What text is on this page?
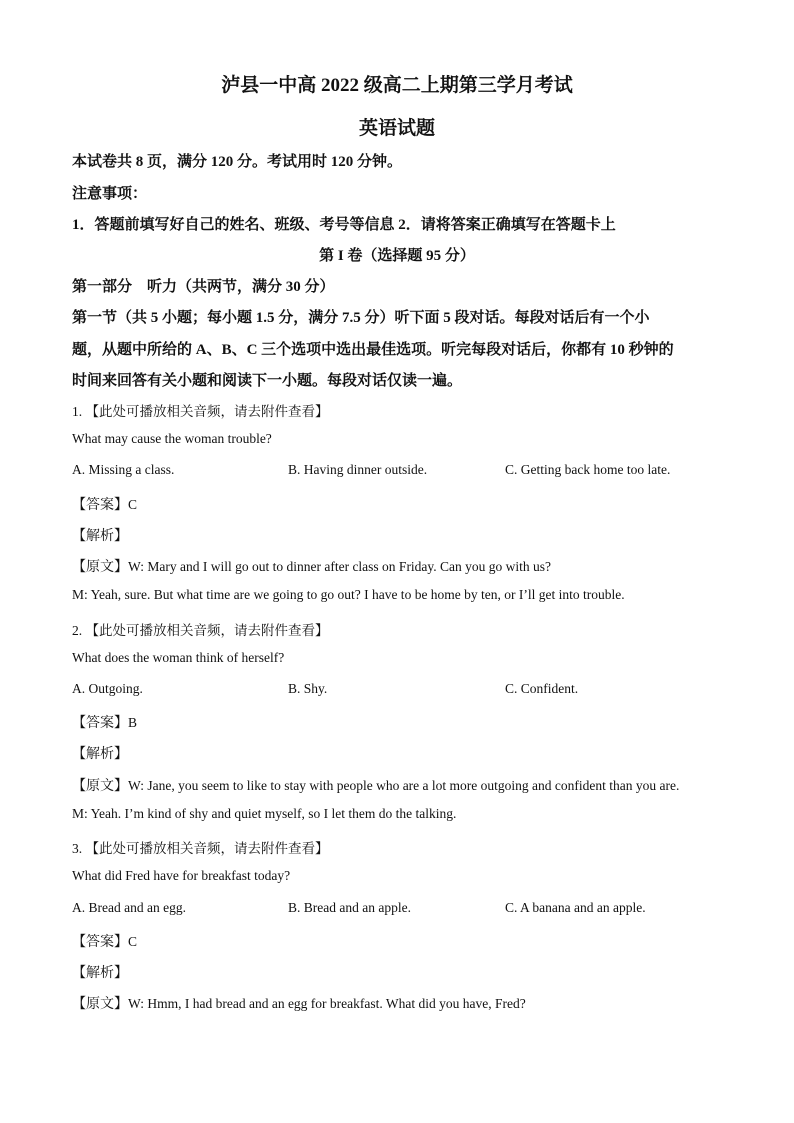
泸县一中高 2022 级高二上期第三学月考试
英语试题
本试卷共 8 页，满分 120 分。考试用时 120 分钟。
注意事项：
1．答题前填写好自己的姓名、班级、考号等信息 2．请将答案正确填写在答题卡上
第 I 卷（选择题 95 分）
第一部分　听力（共两节，满分 30 分）
第一节（共 5 小题；每小题 1.5 分，满分 7.5 分）听下面 5 段对话。每段对话后有一个小
题，从题中所给的 A、B、C 三个选项中选出最佳选项。听完每段对话后，你都有 10 秒钟的
时间来回答有关小题和阅读下一小题。每段对话仅读一遍。
1. 【此处可播放相关音频，请去附件查看】
What may cause the woman trouble?
A. Missing a class.	B. Having dinner outside.	C. Getting back home too late.
【答案】C
【解析】
【原文】W: Mary and I will go out to dinner after class on Friday. Can you go with us?
M: Yeah, sure. But what time are we going to go out? I have to be home by ten, or I’ll get into trouble.
2. 【此处可播放相关音频，请去附件查看】
What does the woman think of herself?
A. Outgoing.	B. Shy.	C. Confident.
【答案】B
【解析】
【原文】W: Jane, you seem to like to stay with people who are a lot more outgoing and confident than you are.
M: Yeah. I’m kind of shy and quiet myself, so I let them do the talking.
3. 【此处可播放相关音频，请去附件查看】
What did Fred have for breakfast today?
A. Bread and an egg.	B. Bread and an apple.	C. A banana and an apple.
【答案】C
【解析】
【原文】W: Hmm, I had bread and an egg for breakfast. What did you have, Fred?
